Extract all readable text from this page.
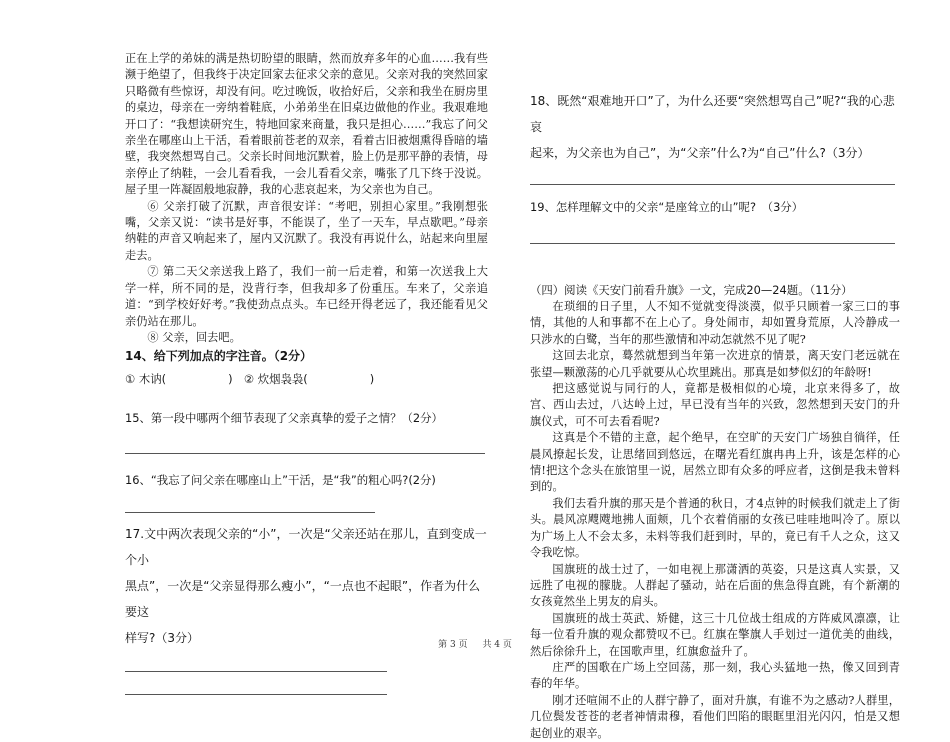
正在上学的弟妹的满是热切盼望的眼睛，然而放弃多年的心血……我有些濒于绝望了，但我终于决定回家去征求父亲的意见。父亲对我的突然回家只略微有些惊讶，却没有问。吃过晚饭，收拾好后，父亲和我坐在厨房里的桌边，母亲在一旁纳着鞋底，小弟弟坐在旧桌边做他的作业。我艰难地开口了：“我想读研究生，特地回家来商量，我只是担心……”我忘了问父亲坐在哪座山上干活，看着眼前苍老的双亲，看着古旧被烟熏得昏暗的墙壁，我突然想骂自己。父亲长时间地沉默着，脸上仍是那平静的表情，母亲停止了纳鞋，一会儿看看我，一会儿看看父亲，嘴张了几下终于没说。屋子里一阵凝固般地寂静，我的心悲哀起来，为父亲也为自己。

⑥ 父亲打破了沉默，声音很安详：“考吧，别担心家里。”我刚想张嘴，父亲又说：“读书是好事，不能误了，坐了一天车，早点歇吧。”母亲纳鞋的声音又响起来了，屋内又沉默了。我没有再说什么，站起来向里屋走去。

⑦ 第二天父亲送我上路了，我们一前一后走着，和第一次送我上大学一样，所不同的是，没背行李，但我却多了份重压。车来了，父亲追道：“到学校好好考。”我使劲点点头。车已经开得老远了，我还能看见父亲仍站在那儿。

⑧ 父亲，回去吧。

14、给下列加点的字注音。（2分）

① 木讷(	)　② 炊烟袅袅(	)

15、第一段中哪两个细节表现了父亲真挚的爱子之情？（2分）

16、“我忘了问父亲在哪座山上”干活，是“我”的粗心吗?(2分)

17.文中两次表现父亲的“小”，一次是“父亲还站在那儿，直到变成一个小

黑点”，一次是“父亲显得那么瘦小”，“一点也不起眼”，作者为什么要这

样写?（3分）

18、既然“艰难地开口”了，为什么还要“突然想骂自己”呢?“我的心悲哀

起来，为父亲也为自己”，为“父亲”什么?为“自己”什么?（3分）

19、怎样理解文中的父亲“是座耸立的山”呢?　（3分）

（四）阅读《天安门前看升旗》一文，完成20—24题。（11分）

在琐细的日子里，人不知不觉就变得淡漠，似乎只顾着一家三口的事情，其他的人和事都不在上心了。身处闹市，却如置身荒原，人冷静成一只涉水的白鹭，当年的那些激情和冲动怎就然不见了呢?

这回去北京，蓦然就想到当年第一次进京的情景，离天安门老远就在张望—颗激荡的心几乎就要从心坎里跳出。那真是如梦似幻的年龄呀!

把这感觉说与同行的人，竟都是极相似的心境，北京来得多了，故宫、西山去过，八达岭上过，早已没有当年的兴致，忽然想到天安门的升旗仪式，可不可去看看呢?

这真是个不错的主意，起个绝早，在空旷的天安门广场独自徜徉，任晨风撩起长发，让思绪回到悠远，在曙光看红旗冉冉上升，该是怎样的心情!把这个念头在旅馆里一说，居然立即有众多的呼应者，这倒是我未曾料到的。

我们去看升旗的那天是个普通的秋日，才4点钟的时候我们就走上了街头。晨风凉飕飕地拂人面颊，几个衣着俏丽的女孩已哇哇地叫冷了。原以为广场上人不会太多，未料等我们赶到时，早的，竟已有千人之众，这又令我吃惊。

国旗班的战士过了，一如电视上那潇洒的英姿，只是这真人实景，又远胜了电视的朦胧。人群起了骚动，站在后面的焦急得直跳，有个新潮的女孩竟然坐上男友的肩头。

国旗班的战士英武、矫健，这三十几位战士组成的方阵威风凛凛，让每一位看升旗的观众都赞叹不已。红旗在擎旗人手划过一道优美的曲线，然后徐徐升上，在国歌声里，红旗愈益升了。

庄严的国歌在广场上空回荡，那一刻，我心头猛地一热，像又回到青春的年华。

刚才还喧闹不止的人群宁静了，面对升旗，有谁不为之感动?人群里，几位鬓发苍苍的老者神情肃穆，看他们凹陷的眼眶里泪光闪闪，怕是又想起创业的艰辛。

第 3 页 共 4 页
